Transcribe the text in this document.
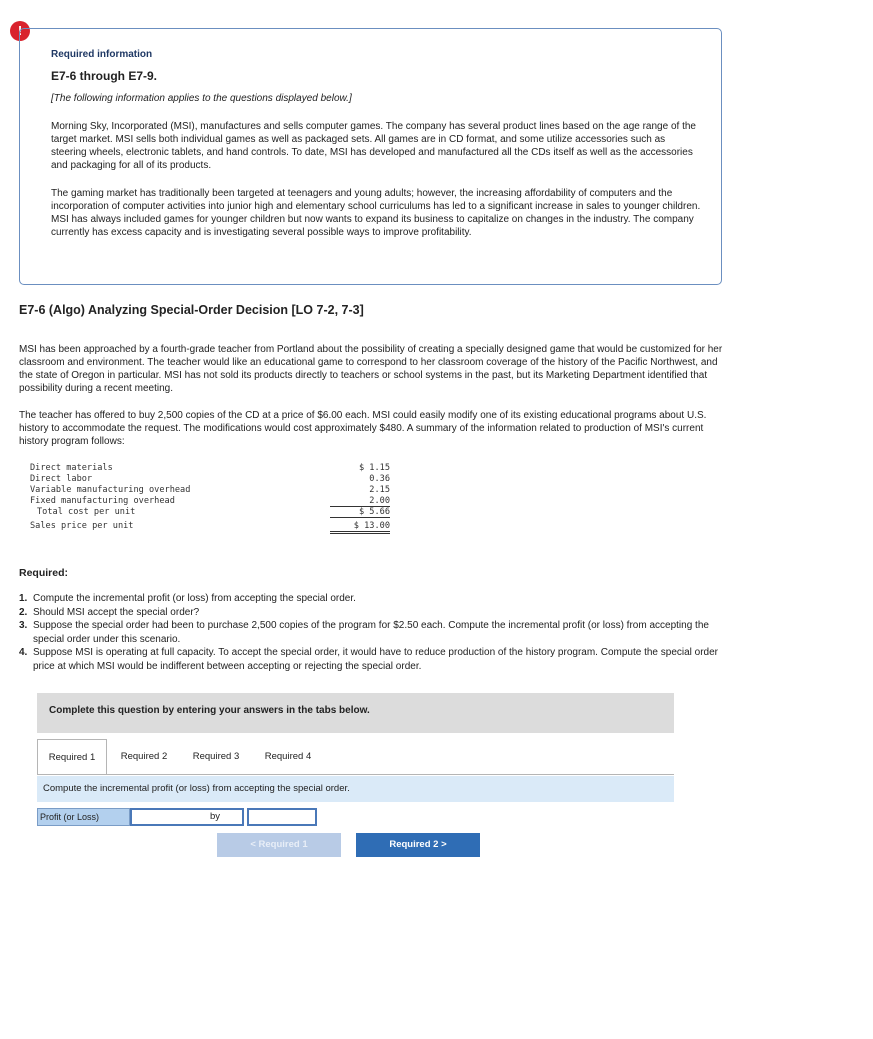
!
Required information
E7-6 through E7-9.
[The following information applies to the questions displayed below.]
Morning Sky, Incorporated (MSI), manufactures and sells computer games. The company has several product lines based on the age range of the target market. MSI sells both individual games as well as packaged sets. All games are in CD format, and some utilize accessories such as steering wheels, electronic tablets, and hand controls. To date, MSI has developed and manufactured all the CDs itself as well as the accessories and packaging for all of its products.
The gaming market has traditionally been targeted at teenagers and young adults; however, the increasing affordability of computers and the incorporation of computer activities into junior high and elementary school curriculums has led to a significant increase in sales to younger children. MSI has always included games for younger children but now wants to expand its business to capitalize on changes in the industry. The company currently has excess capacity and is investigating several possible ways to improve profitability.
E7-6 (Algo) Analyzing Special-Order Decision [LO 7-2, 7-3]
MSI has been approached by a fourth-grade teacher from Portland about the possibility of creating a specially designed game that would be customized for her classroom and environment. The teacher would like an educational game to correspond to her classroom coverage of the history of the Pacific Northwest, and the state of Oregon in particular. MSI has not sold its products directly to teachers or school systems in the past, but its Marketing Department identified that possibility during a recent meeting.
The teacher has offered to buy 2,500 copies of the CD at a price of $6.00 each. MSI could easily modify one of its existing educational programs about U.S. history to accommodate the request. The modifications would cost approximately $480. A summary of the information related to production of MSI's current history program follows:
Direct materials	$ 1.15
Direct labor	0.36
Variable manufacturing overhead	2.15
Fixed manufacturing overhead	2.00
Total cost per unit	$ 5.66
Sales price per unit	$ 13.00
Required:
1. Compute the incremental profit (or loss) from accepting the special order.
2. Should MSI accept the special order?
3. Suppose the special order had been to purchase 2,500 copies of the program for $2.50 each. Compute the incremental profit (or loss) from accepting the special order under this scenario.
4. Suppose MSI is operating at full capacity. To accept the special order, it would have to reduce production of the history program. Compute the special order price at which MSI would be indifferent between accepting or rejecting the special order.
Complete this question by entering your answers in the tabs below.
Required 1	Required 2	Required 3	Required 4
Compute the incremental profit (or loss) from accepting the special order.
Profit (or Loss)	by
< Required 1	Required 2 >
